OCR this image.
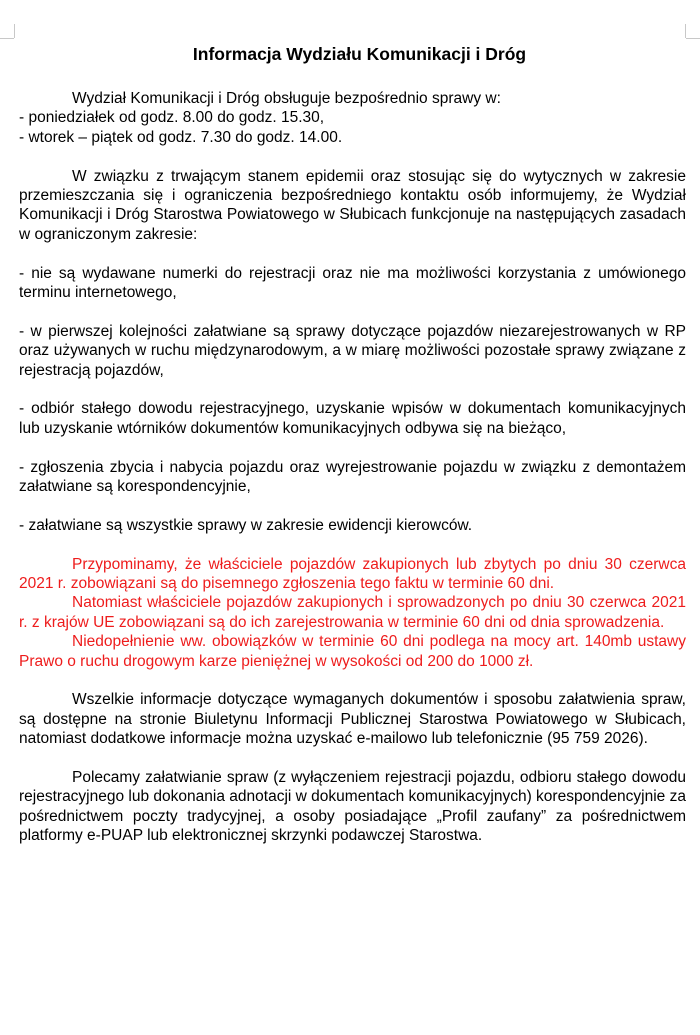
Informacja Wydziału Komunikacji i Dróg

Wydział Komunikacji i Dróg obsługuje bezpośrednio sprawy w:

- poniedziałek od godz. 8.00 do godz. 15.30,

- wtorek – piątek od godz. 7.30 do godz. 14.00.

W związku z trwającym stanem epidemii oraz stosując się do wytycznych w zakresie przemieszczania się i ograniczenia bezpośredniego kontaktu osób informujemy, że Wydział Komunikacji i Dróg Starostwa Powiatowego w Słubicach funkcjonuje na następujących zasadach w ograniczonym zakresie:

- nie są wydawane numerki do rejestracji oraz nie ma możliwości korzystania z umówionego terminu internetowego,

- w pierwszej kolejności załatwiane są sprawy dotyczące pojazdów niezarejestrowanych w RP oraz używanych w ruchu międzynarodowym, a w miarę możliwości pozostałe sprawy związane z rejestracją pojazdów,

- odbiór stałego dowodu rejestracyjnego, uzyskanie wpisów w dokumentach komunikacyjnych lub uzyskanie wtórników dokumentów komunikacyjnych odbywa się na bieżąco,

- zgłoszenia zbycia i nabycia pojazdu oraz wyrejestrowanie pojazdu w związku z demontażem załatwiane są korespondencyjnie,

- załatwiane są wszystkie sprawy w zakresie ewidencji kierowców.

Przypominamy, że właściciele pojazdów zakupionych lub zbytych po dniu 30 czerwca 2021 r. zobowiązani są do pisemnego zgłoszenia tego faktu w terminie 60 dni.

Natomiast właściciele pojazdów zakupionych i sprowadzonych po dniu 30 czerwca 2021 r. z krajów UE zobowiązani są do ich zarejestrowania w terminie 60 dni od dnia sprowadzenia.

Niedopełnienie ww. obowiązków w terminie 60 dni podlega na mocy art. 140mb ustawy Prawo o ruchu drogowym karze pieniężnej w wysokości od 200 do 1000 zł.

Wszelkie informacje dotyczące wymaganych dokumentów i sposobu załatwienia spraw, są dostępne na stronie Biuletynu Informacji Publicznej Starostwa Powiatowego w Słubicach, natomiast dodatkowe informacje można uzyskać e-mailowo lub telefonicznie (95 759 2026).

Polecamy załatwianie spraw (z wyłączeniem rejestracji pojazdu, odbioru stałego dowodu rejestracyjnego lub dokonania adnotacji w dokumentach komunikacyjnych) korespondencyjnie za pośrednictwem poczty tradycyjnej, a osoby posiadające „Profil zaufany” za pośrednictwem platformy e-PUAP lub elektronicznej skrzynki podawczej Starostwa.
